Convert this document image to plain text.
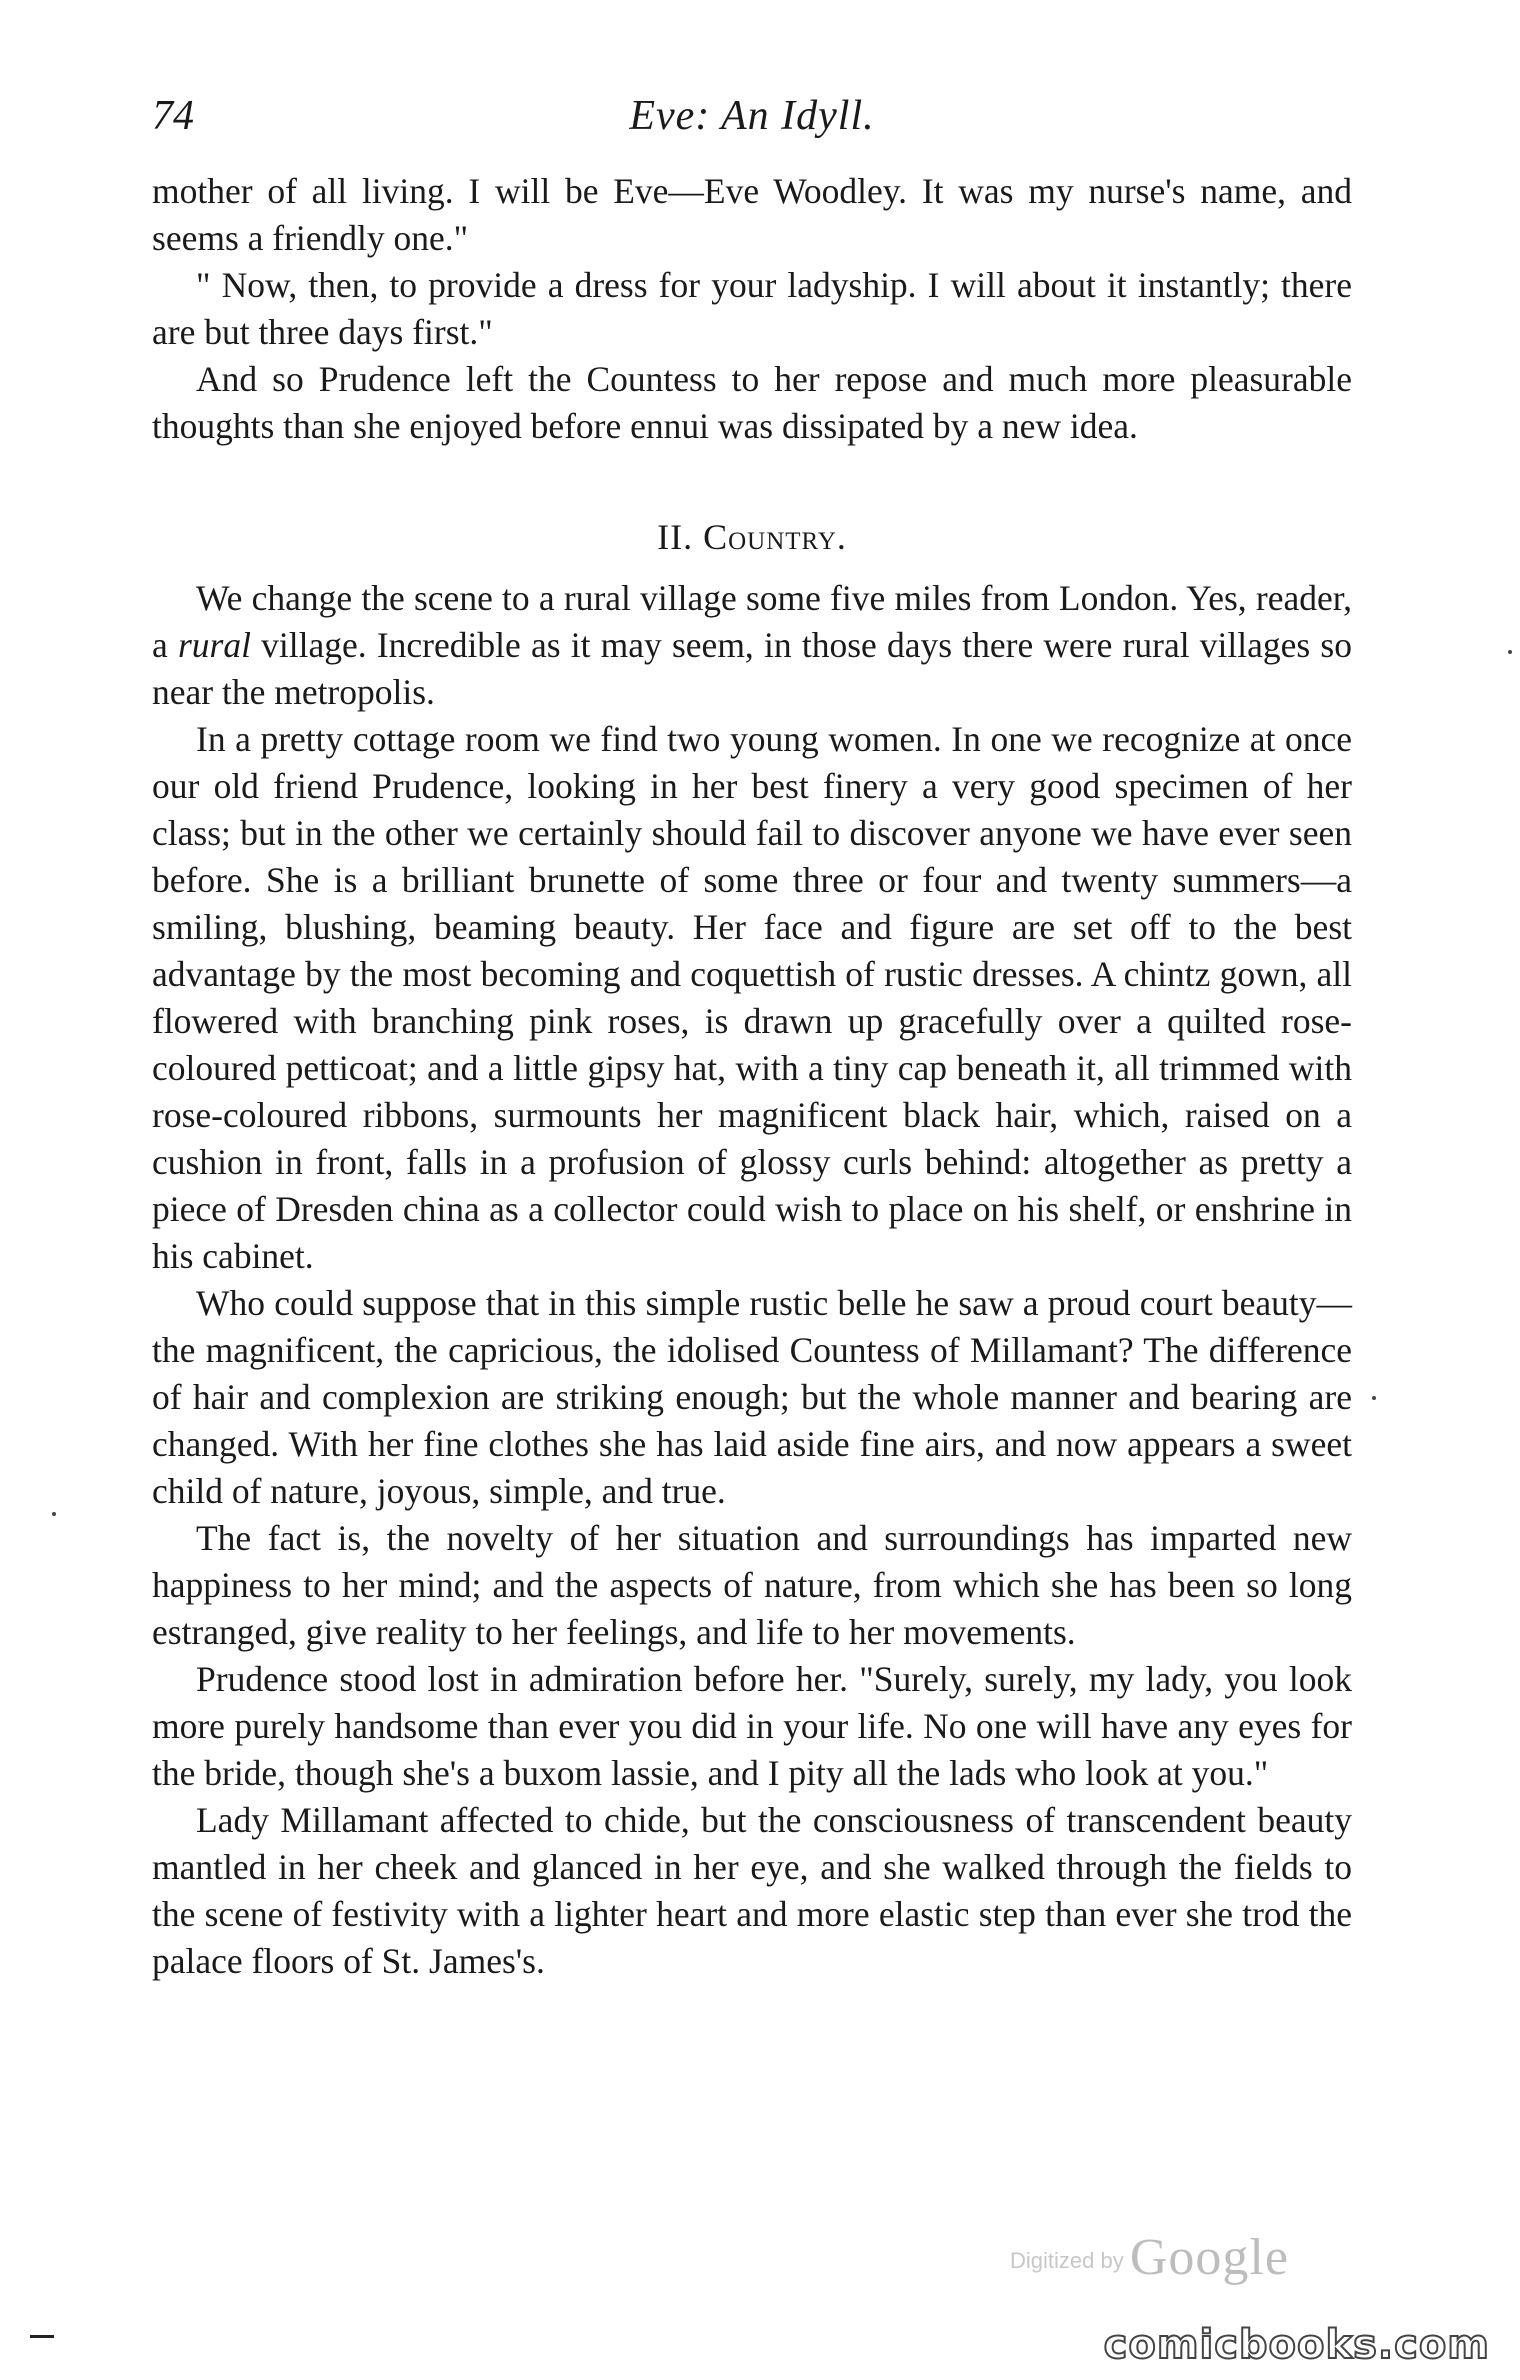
74	Eve: An Idyll.

mother of all living. I will be Eve—Eve Woodley. It was my nurse's name, and seems a friendly one."

" Now, then, to provide a dress for your ladyship. I will about it instantly; there are but three days first."

And so Prudence left the Countess to her repose and much more pleasurable thoughts than she enjoyed before ennui was dissipated by a new idea.

II. Country.

We change the scene to a rural village some five miles from London. Yes, reader, a rural village. Incredible as it may seem, in those days there were rural villages so near the metropolis.

In a pretty cottage room we find two young women. In one we recognize at once our old friend Prudence, looking in her best finery a very good specimen of her class; but in the other we certainly should fail to discover anyone we have ever seen before. She is a brilliant brunette of some three or four and twenty summers—a smiling, blushing, beaming beauty. Her face and figure are set off to the best advantage by the most becoming and coquettish of rustic dresses. A chintz gown, all flowered with branching pink roses, is drawn up gracefully over a quilted rose-coloured petticoat; and a little gipsy hat, with a tiny cap beneath it, all trimmed with rose-coloured ribbons, surmounts her magnificent black hair, which, raised on a cushion in front, falls in a profusion of glossy curls behind: altogether as pretty a piece of Dresden china as a collector could wish to place on his shelf, or enshrine in his cabinet.

Who could suppose that in this simple rustic belle he saw a proud court beauty—the magnificent, the capricious, the idolised Countess of Millamant? The difference of hair and complexion are striking enough; but the whole manner and bearing are changed. With her fine clothes she has laid aside fine airs, and now appears a sweet child of nature, joyous, simple, and true.

The fact is, the novelty of her situation and surroundings has imparted new happiness to her mind; and the aspects of nature, from which she has been so long estranged, give reality to her feelings, and life to her movements.

Prudence stood lost in admiration before her. "Surely, surely, my lady, you look more purely handsome than ever you did in your life. No one will have any eyes for the bride, though she's a buxom lassie, and I pity all the lads who look at you."

Lady Millamant affected to chide, but the consciousness of transcendent beauty mantled in her cheek and glanced in her eye, and she walked through the fields to the scene of festivity with a lighter heart and more elastic step than ever she trod the palace floors of St. James's.

Digitized by Google
comicbooks.com
